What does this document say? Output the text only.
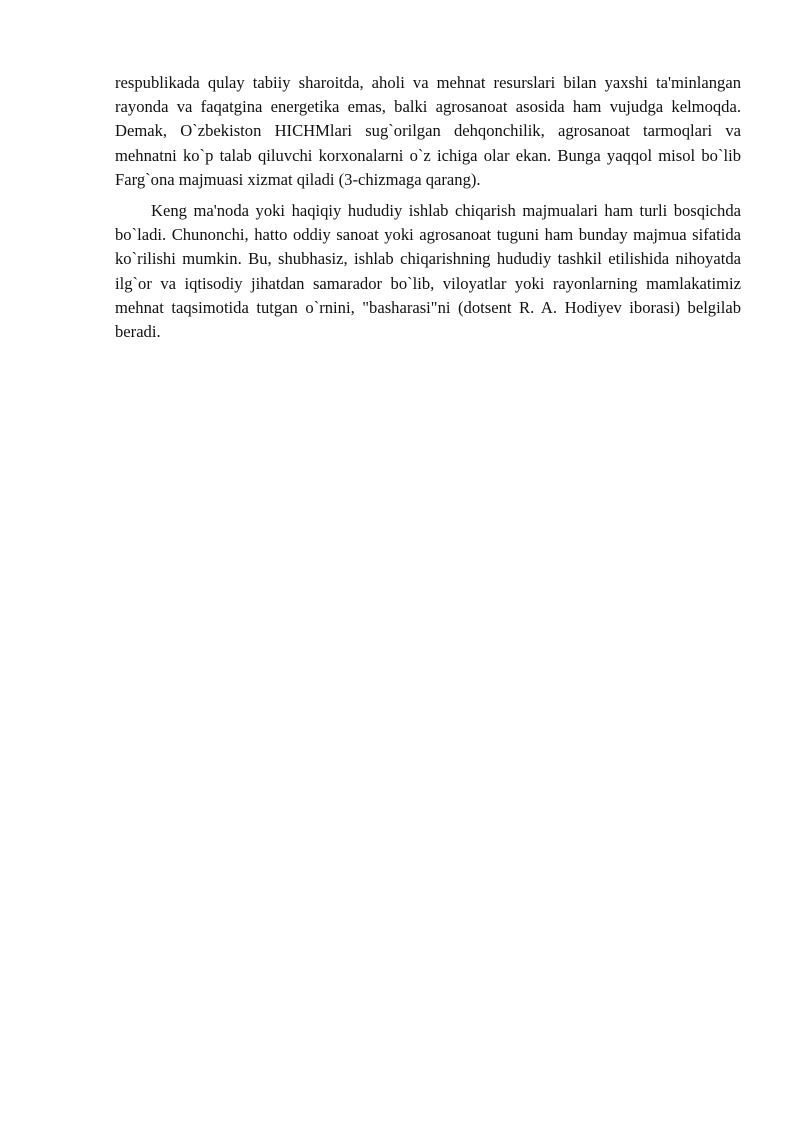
respublikada qulay tabiiy sharoitda, aholi va mehnat resurslari bilan yaxshi ta'minlangan rayonda va faqatgina energetika emas, balki agrosanoat asosida ham vujudga kelmoqda. Demak, O`zbekiston HICHMlari sug`orilgan dehqonchilik, agrosanoat tarmoqlari va mehnatni ko`p talab qiluvchi korxonalarni o`z ichiga olar ekan. Bunga yaqqol misol bo`lib Farg`ona majmuasi xizmat qiladi (3-chizmaga qarang).

Keng ma'noda yoki haqiqiy hududiy ishlab chiqarish majmualari ham turli bosqichda bo`ladi. Chunonchi, hatto oddiy sanoat yoki agrosanoat tuguni ham bunday majmua sifatida ko`rilishi mumkin. Bu, shubhasiz, ishlab chiqarishning hududiy tashkil etilishida nihoyatda ilg`or va iqtisodiy jihatdan samarador bo`lib, viloyatlar yoki rayonlarning mamlakatimiz mehnat taqsimotida tutgan o`rnini, "basharasi"ni (dotsent R. A. Hodiyev iborasi) belgilab beradi.
